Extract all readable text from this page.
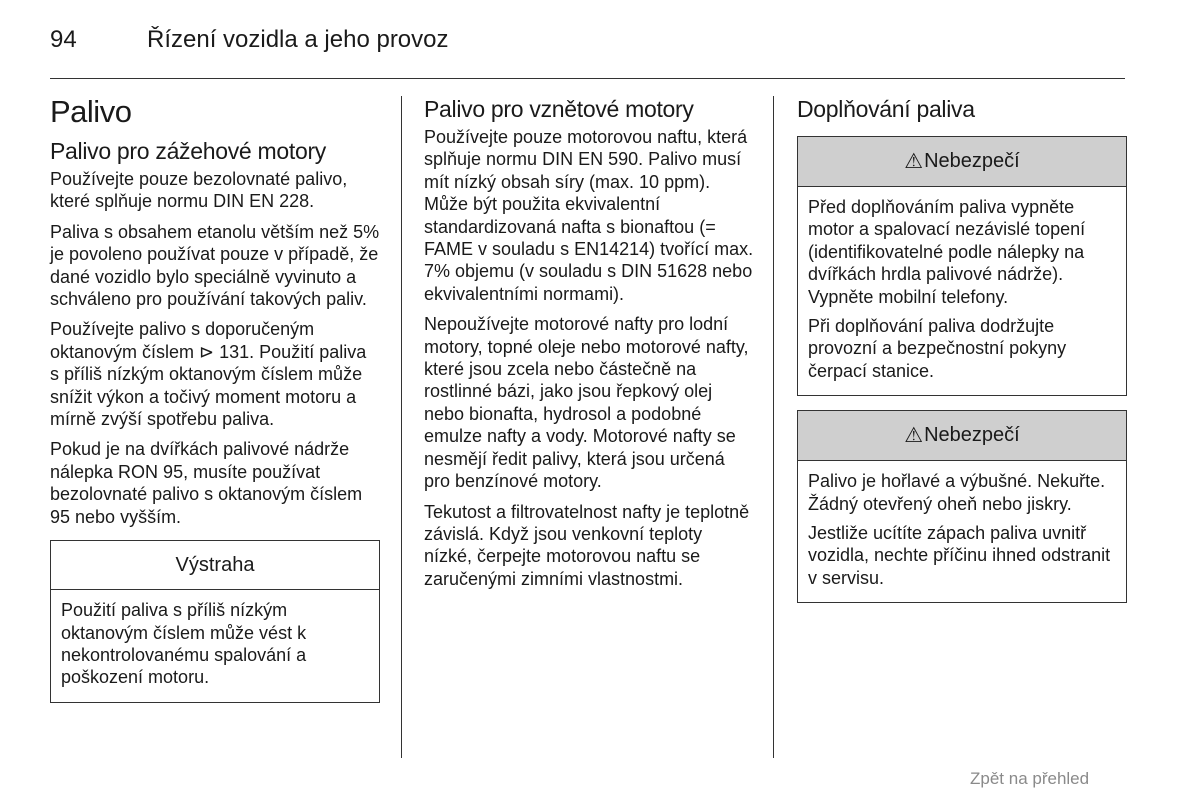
94	Řízení vozidla a jeho provoz
Palivo
Palivo pro zážehové motory

Používejte pouze bezolovnaté palivo, které splňuje normu DIN EN 228.

Paliva s obsahem etanolu větším než 5% je povoleno používat pouze v případě, že dané vozidlo bylo speciálně vyvinuto a schváleno pro používání takových paliv.

Používejte palivo s doporučeným oktanovým číslem ⊳ 131. Použití paliva s příliš nízkým oktanovým číslem může snížit výkon a točivý moment motoru a mírně zvýší spotřebu paliva.

Pokud je na dvířkách palivové nádrže nálepka RON 95, musíte používat bezolovnaté palivo s oktanovým číslem 95 nebo vyšším.

Výstraha

Použití paliva s příliš nízkým oktanovým číslem může vést k nekontrolovanému spalování a poškození motoru.

Palivo pro vznětové motory

Používejte pouze motorovou naftu, která splňuje normu DIN EN 590. Palivo musí mít nízký obsah síry (max. 10 ppm). Může být použita ekvivalentní standardizovaná nafta s bionaftou (= FAME v souladu s EN14214) tvořící max. 7% objemu (v souladu s DIN 51628 nebo ekvivalentními normami).

Nepoužívejte motorové nafty pro lodní motory, topné oleje nebo motorové nafty, které jsou zcela nebo částečně na rostlinné bázi, jako jsou řepkový olej nebo bionafta, hydrosol a podobné emulze nafty a vody. Motorové nafty se nesmějí ředit palivy, která jsou určená pro benzínové motory.

Tekutost a filtrovatelnost nafty je teplotně závislá. Když jsou venkovní teploty nízké, čerpejte motorovou naftu se zaručenými zimními vlastnostmi.

Doplňování paliva
⚠Nebezpečí

Před doplňováním paliva vypněte motor a spalovací nezávislé topení (identifikovatelné podle nálepky na dvířkách hrdla palivové nádrže). Vypněte mobilní telefony.

Při doplňování paliva dodržujte provozní a bezpečnostní pokyny čerpací stanice.

⚠Nebezpečí

Palivo je hořlavé a výbušné. Nekuřte. Žádný otevřený oheň nebo jiskry.

Jestliže ucítíte zápach paliva uvnitř vozidla, nechte příčinu ihned odstranit v servisu.

Zpět na přehled
